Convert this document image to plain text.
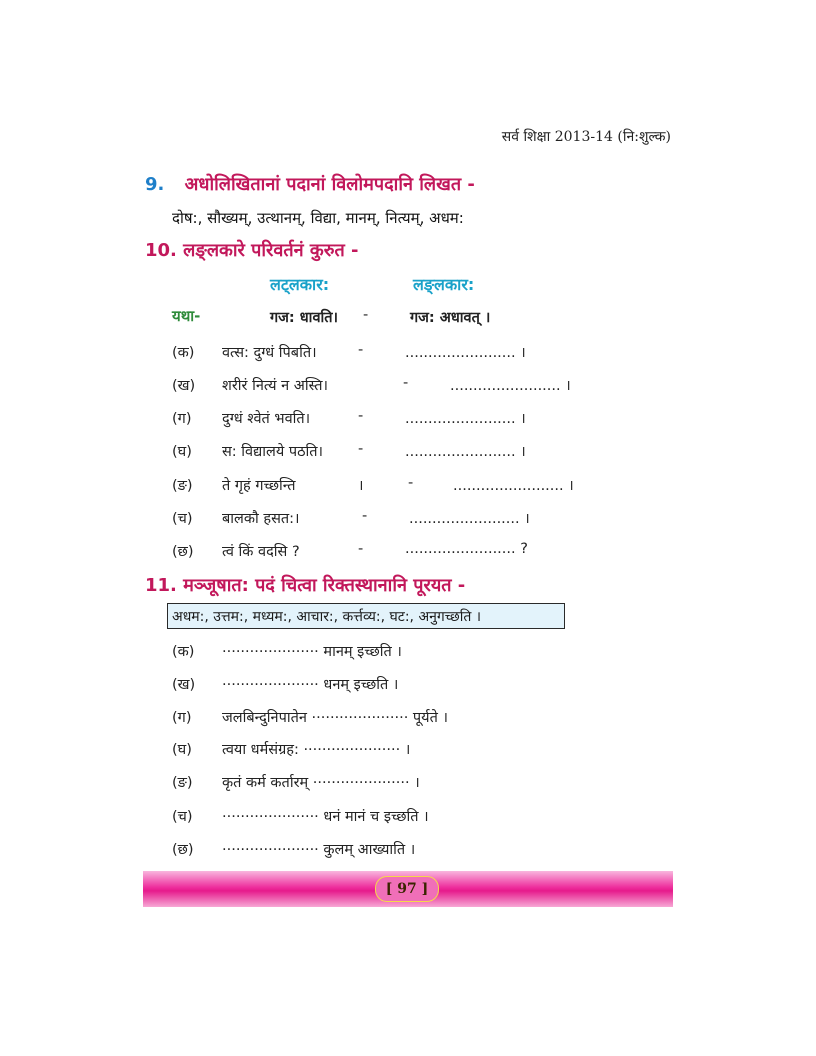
सर्व शिक्षा 2013-14 (नि:शुल्क)
9. अधोलिखितानां पदानां विलोमपदानि लिखत -
दोष:, सौख्यम्, उत्थानम्, विद्या, मानम्, नित्यम्, अधम:
10. लङ्लकारे परिवर्तनं कुरुत -
लट्लकार:	लङ्लकार:
यथा-	गज: धावति। -	गज: अधावत् ।
(क) वत्स: दुग्धं पिबति।	-	........................ ।
(ख) शरीरं नित्यं न अस्ति।	-	........................ ।
(ग) दुग्धं श्वेतं भवति।	-	........................ ।
(घ) स: विद्यालये पठति। -	........................ ।
(ङ) ते गृहं गच्छन्ति	।	-	........................ ।
(च) बालकौ हसत:।	-	........................ ।
(छ) त्वं किं वदसि ?	-	........................ ?
11. मञ्जूषात: पदं चित्वा रिक्तस्थानानि पूरयत -
अधम:, उत्तम:, मध्यम:, आचार:, कर्त्तव्य:, घट:, अनुगच्छति ।
(क) ····················· मानम् इच्छति ।
(ख) ····················· धनम् इच्छति ।
(ग) जलबिन्दुनिपातेन ····················· पूर्यते ।
(घ) त्वया धर्मसंग्रह: ····················· ।
(ङ) कृतं कर्म कर्तारम् ····················· ।
(च) ····················· धनं मानं च इच्छति ।
(छ) ····················· कुलम् आख्याति ।
[ 97 ]
